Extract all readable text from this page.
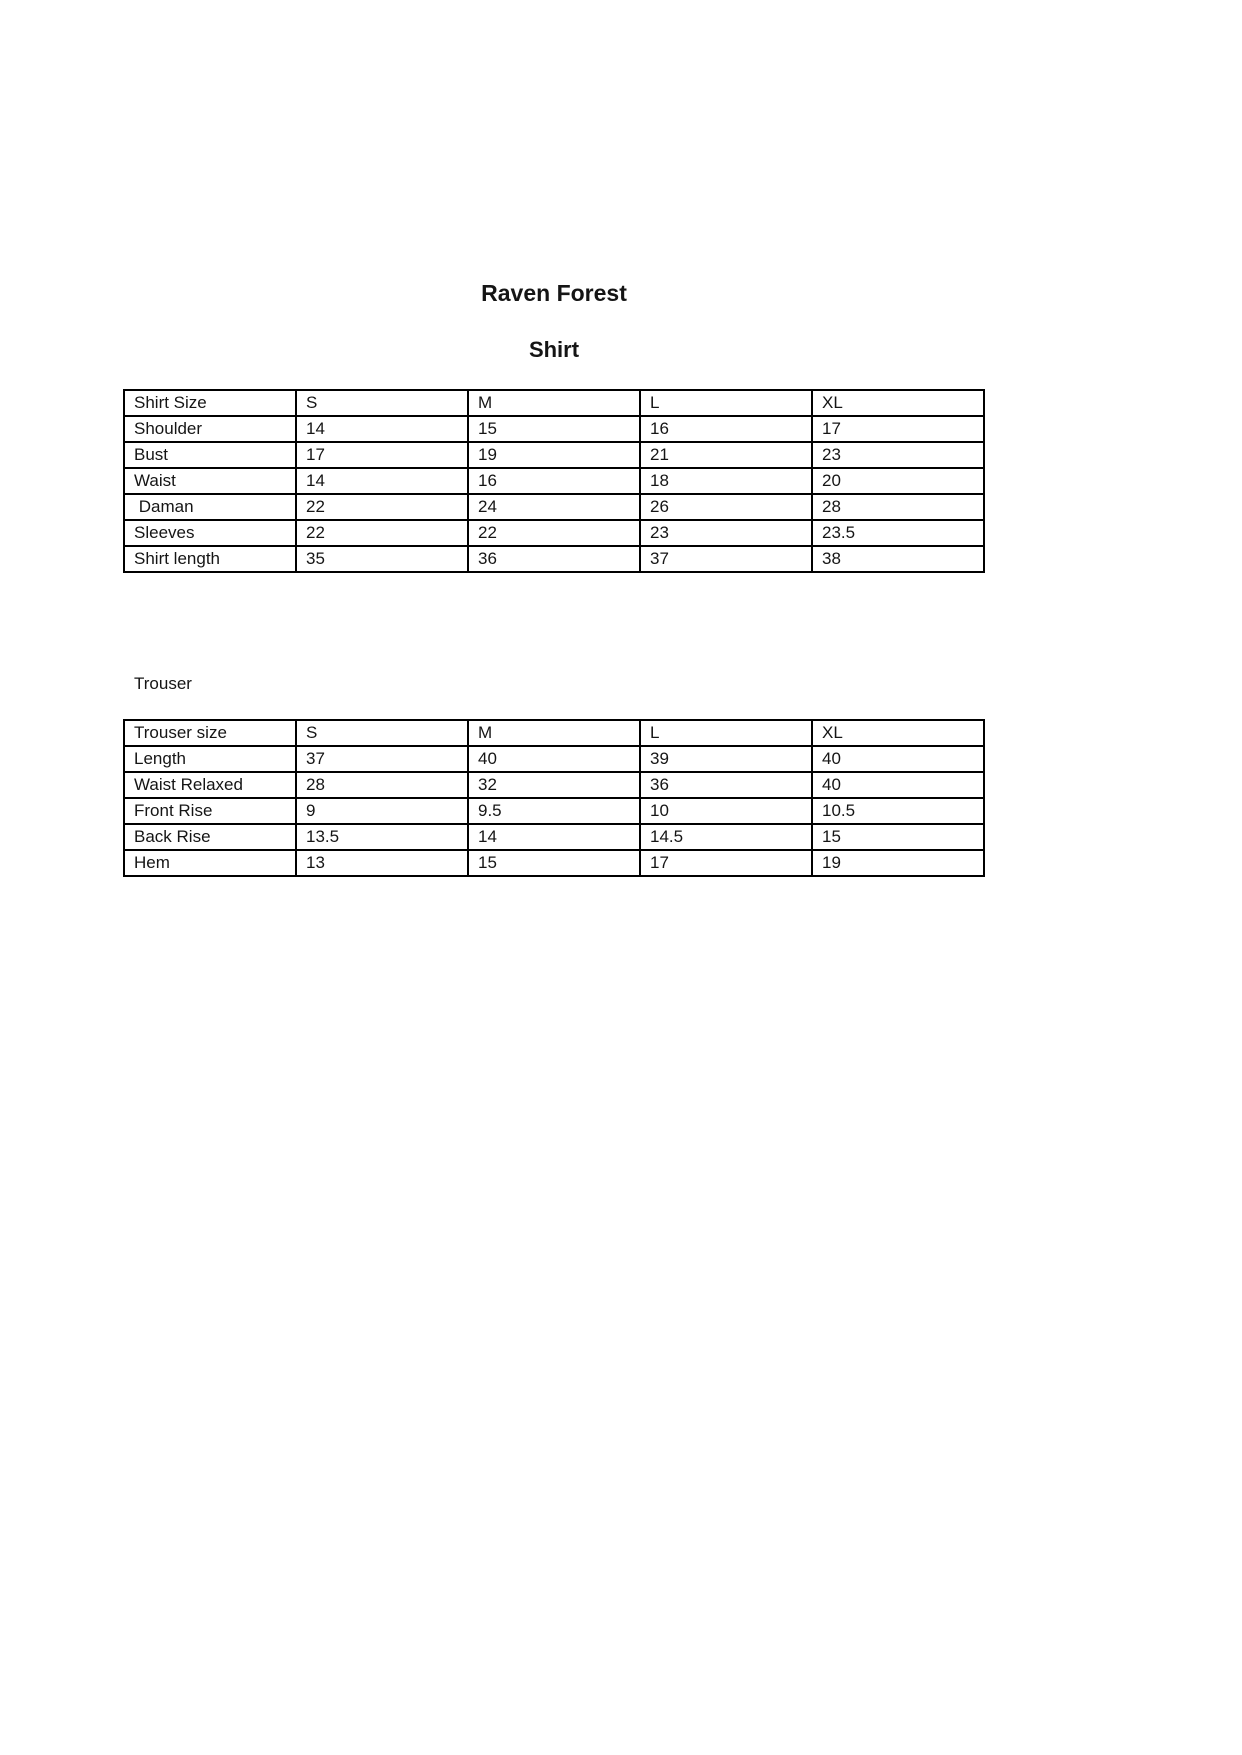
Raven Forest
Shirt
Shirt Size	S	M	L	XL
Shoulder	14	15	16	17
Bust	17	19	21	23
Waist	14	16	18	20
Daman	22	24	26	28
Sleeves	22	22	23	23.5
Shirt length	35	36	37	38
Trouser
Trouser size	S	M	L	XL
Length	37	40	39	40
Waist Relaxed	28	32	36	40
Front Rise	9	9.5	10	10.5
Back Rise	13.5	14	14.5	15
Hem	13	15	17	19
